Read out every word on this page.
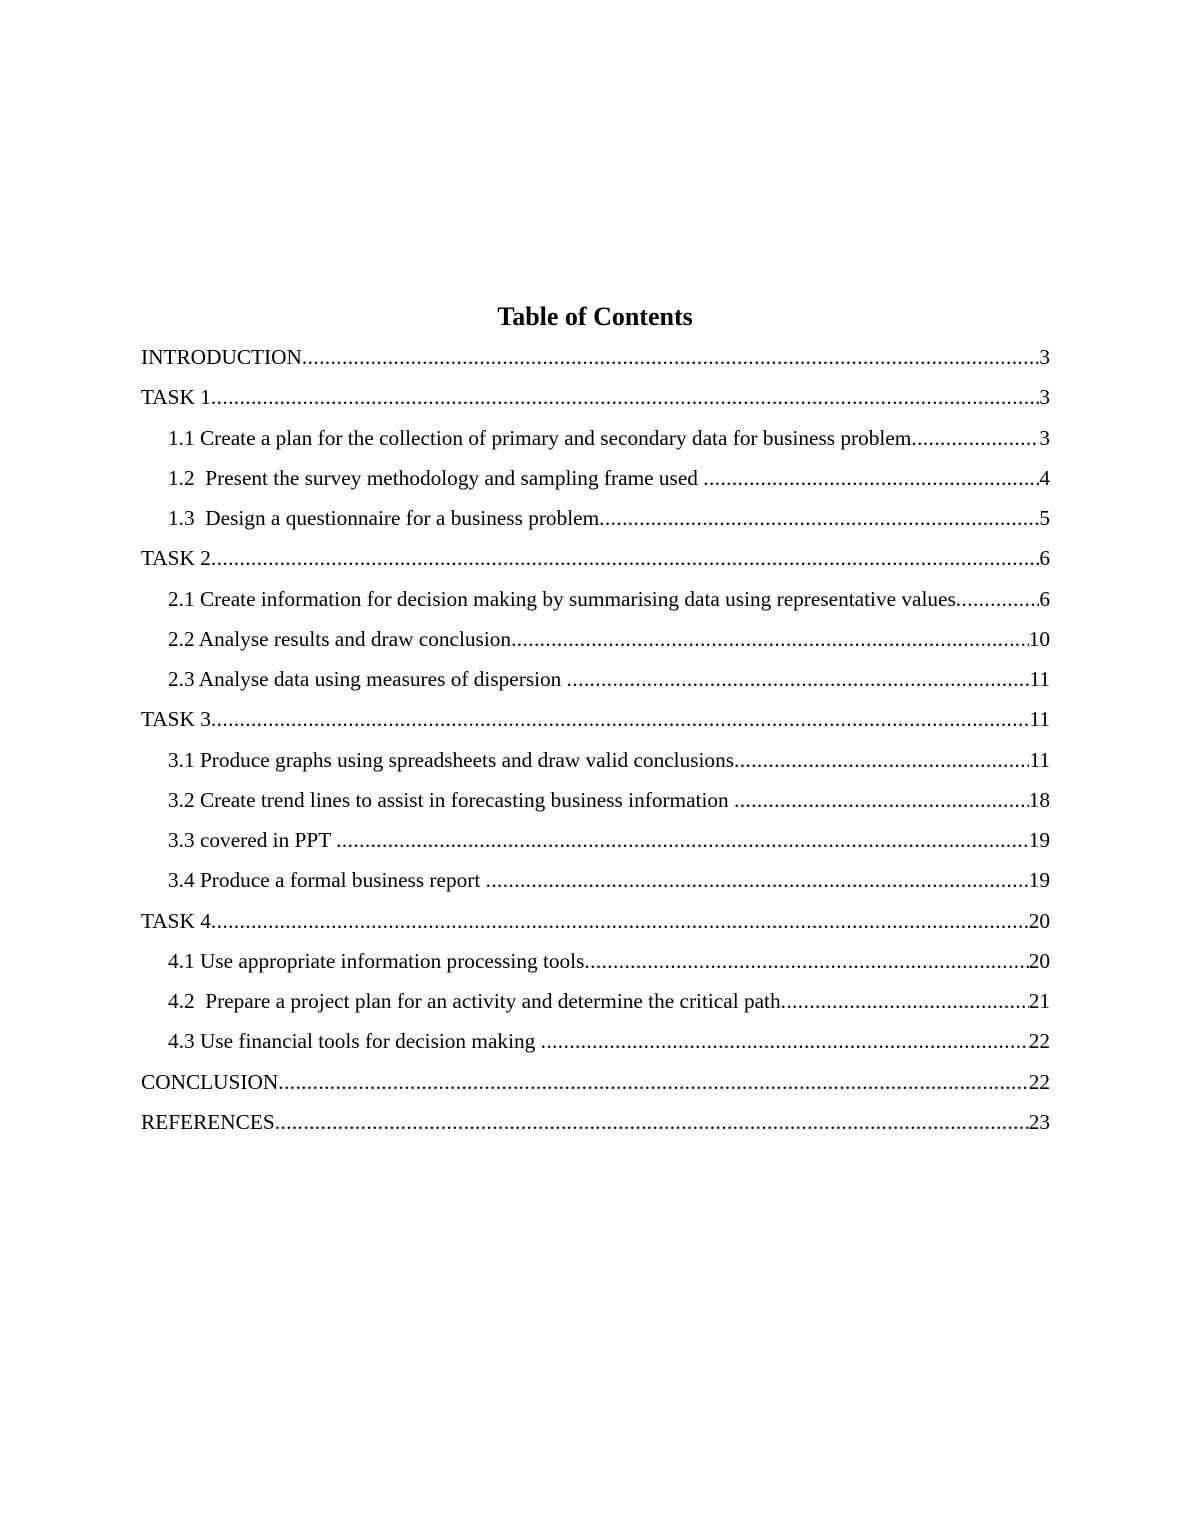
Table of Contents
INTRODUCTION .....	3
TASK 1 .....	3
1.1 Create a plan for the collection of primary and secondary data for business problem .....	3
1.2  Present the survey methodology and sampling frame used .....	4
1.3  Design a questionnaire for a business problem .....	5
TASK 2 .....	6
2.1 Create information for decision making by summarising data using representative values .....	6
2.2 Analyse results and draw conclusion .....	10
2.3 Analyse data using measures of dispersion .....	11
TASK 3 .....	11
3.1 Produce graphs using spreadsheets and draw valid conclusions .....	11
3.2 Create trend lines to assist in forecasting business information .....	18
3.3 covered in PPT .....	19
3.4 Produce a formal business report .....	19
TASK 4 .....	20
4.1 Use appropriate information processing tools .....	20
4.2  Prepare a project plan for an activity and determine the critical path .....	21
4.3 Use financial tools for decision making .....	22
CONCLUSION .....	22
REFERENCES .....	23
